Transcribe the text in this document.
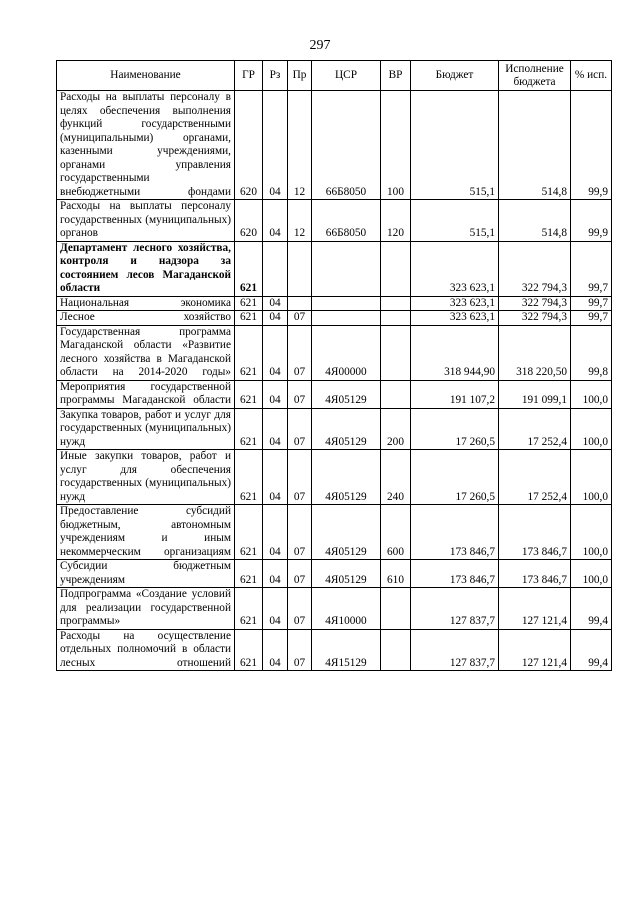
297
Наименование	ГР	Рз	Пр	ЦСР	ВР	Бюджет	Исполнение бюджета	% исп.
Расходы на выплаты персоналу в целях обеспечения выполнения функций государственными (муниципальными) органами, казенными учреждениями, органами управления государственными внебюджетными фондами	620	04	12	66Б8050	100	515,1	514,8	99,9
Расходы на выплаты персоналу государственных (муниципальных) органов	620	04	12	66Б8050	120	515,1	514,8	99,9
Департамент лесного хозяйства, контроля и надзора за состоянием лесов Магаданской области	621					323 623,1	322 794,3	99,7
Национальная экономика	621	04				323 623,1	322 794,3	99,7
Лесное хозяйство	621	04	07			323 623,1	322 794,3	99,7
Государственная программа Магаданской области «Развитие лесного хозяйства в Магаданской области на 2014-2020 годы»	621	04	07	4Я00000		318 944,90	318 220,50	99,8
Мероприятия государственной программы Магаданской области	621	04	07	4Я05129		191 107,2	191 099,1	100,0
Закупка товаров, работ и услуг для государственных (муниципальных) нужд	621	04	07	4Я05129	200	17 260,5	17 252,4	100,0
Иные закупки товаров, работ и услуг для обеспечения государственных (муниципальных) нужд	621	04	07	4Я05129	240	17 260,5	17 252,4	100,0
Предоставление субсидий бюджетным, автономным учреждениям и иным некоммерческим организациям	621	04	07	4Я05129	600	173 846,7	173 846,7	100,0
Субсидии бюджетным учреждениям	621	04	07	4Я05129	610	173 846,7	173 846,7	100,0
Подпрограмма «Создание условий для реализации государственной программы»	621	04	07	4Я10000		127 837,7	127 121,4	99,4
Расходы на осуществление отдельных полномочий в области лесных отношений	621	04	07	4Я15129		127 837,7	127 121,4	99,4
